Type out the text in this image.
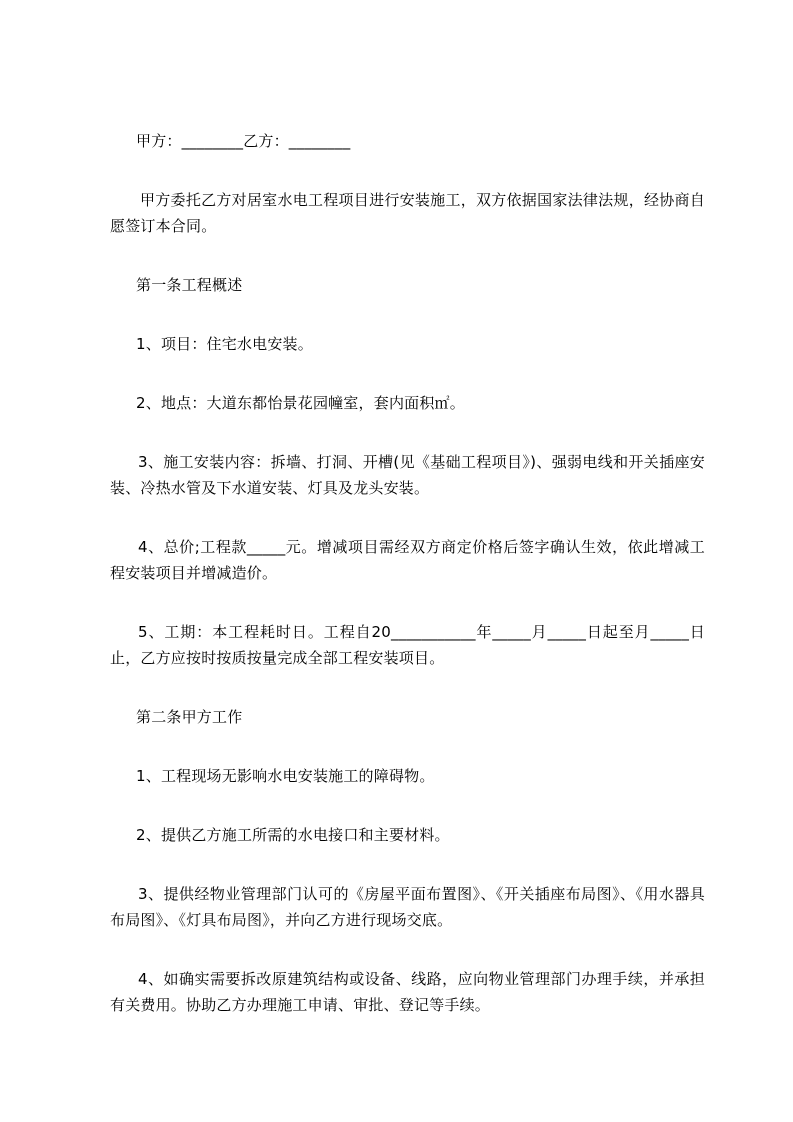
甲方：________乙方：________

甲方委托乙方对居室水电工程项目进行安装施工，双方依据国家法律法规，经协商自愿签订本合同。

第一条工程概述

1、项目：住宅水电安装。

2、地点：大道东都怡景花园幢室，套内面积㎡。

3、施工安装内容：拆墙、打洞、开槽(见《基础工程项目》)、强弱电线和开关插座安装、冷热水管及下水道安装、灯具及龙头安装。

4、总价;工程款_____元。增减项目需经双方商定价格后签字确认生效，依此增减工程安装项目并增减造价。

5、工期：本工程耗时日。工程自20___________年_____月_____日起至月_____日止，乙方应按时按质按量完成全部工程安装项目。

第二条甲方工作

1、工程现场无影响水电安装施工的障碍物。

2、提供乙方施工所需的水电接口和主要材料。

3、提供经物业管理部门认可的《房屋平面布置图》、《开关插座布局图》、《用水器具布局图》、《灯具布局图》，并向乙方进行现场交底。

4、如确实需要拆改原建筑结构或设备、线路，应向物业管理部门办理手续，并承担有关费用。协助乙方办理施工申请、审批、登记等手续。
